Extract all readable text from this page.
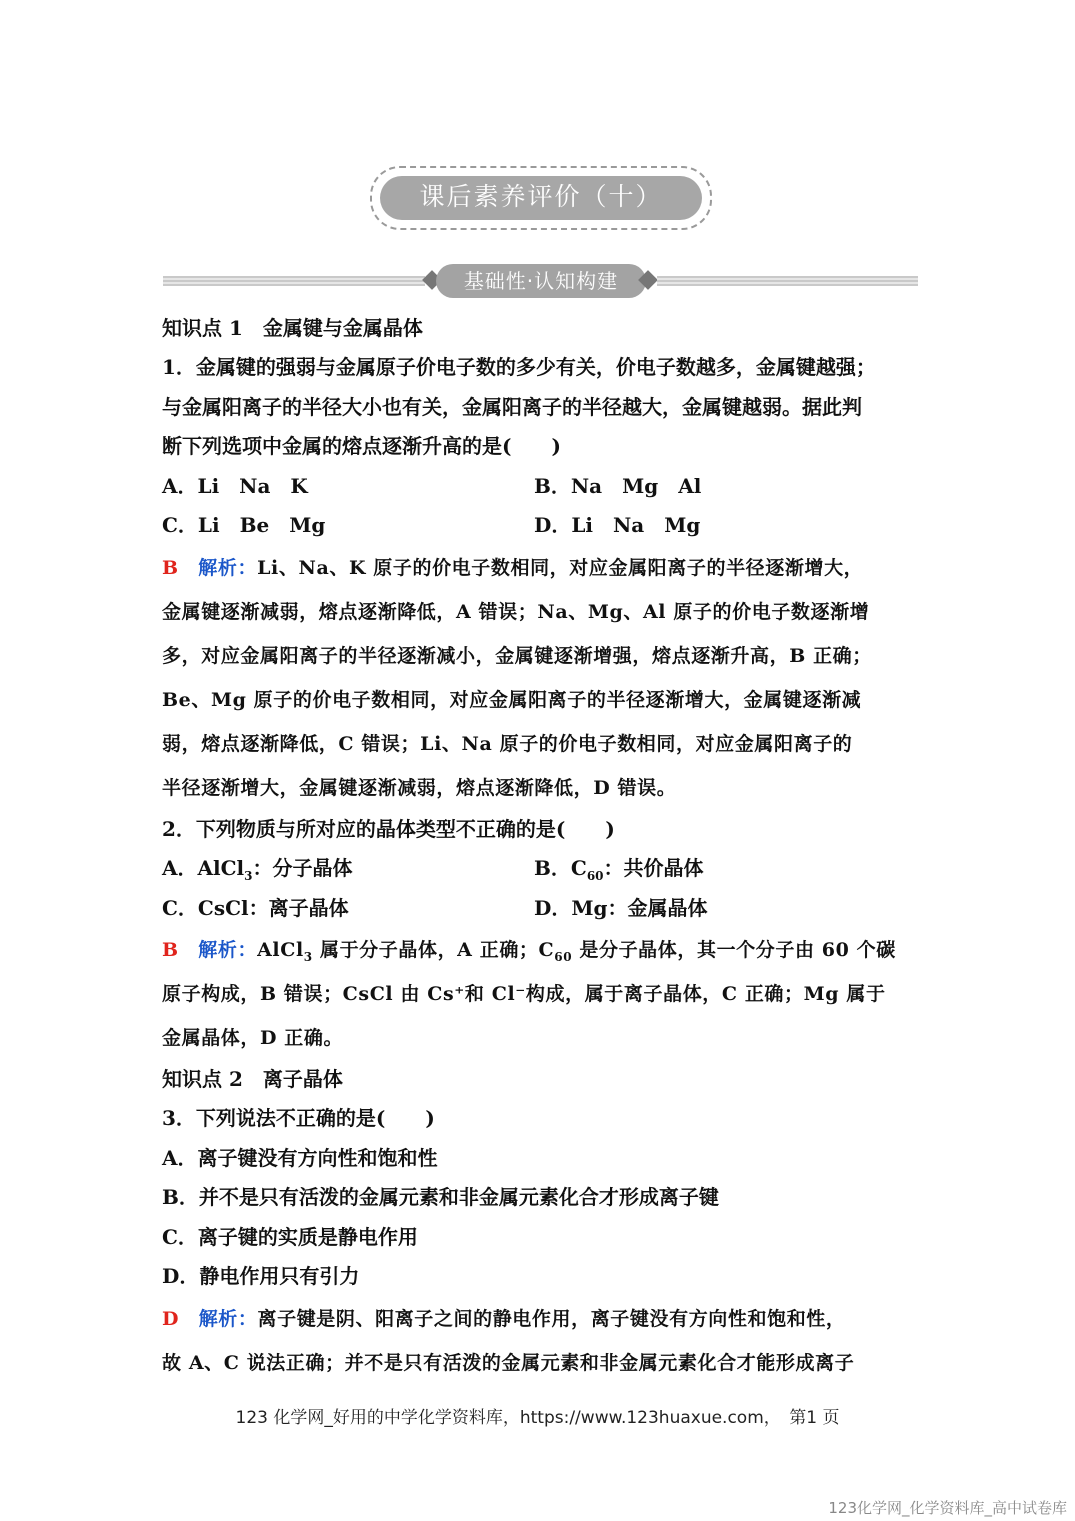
课后素养评价（十）
基础性·认知构建
知识点 1　金属键与金属晶体
1．金属键的强弱与金属原子价电子数的多少有关，价电子数越多，金属键越强；
与金属阳离子的半径大小也有关，金属阳离子的半径越大，金属键越弱。据此判
断下列选项中金属的熔点逐渐升高的是(　　)
A．Li　Na　K	B．Na　Mg　Al
C．Li　Be　Mg	D．Li　Na　Mg
B　 解析：Li、Na、K 原子的价电子数相同，对应金属阳离子的半径逐渐增大，
金属键逐渐减弱，熔点逐渐降低，A 错误；Na、Mg、Al 原子的价电子数逐渐增
多，对应金属阳离子的半径逐渐减小，金属键逐渐增强，熔点逐渐升高，B 正确；
Be、Mg 原子的价电子数相同，对应金属阳离子的半径逐渐增大，金属键逐渐减
弱，熔点逐渐降低，C 错误；Li、Na 原子的价电子数相同，对应金属阳离子的
半径逐渐增大，金属键逐渐减弱，熔点逐渐降低，D 错误。
2．下列物质与所对应的晶体类型不正确的是(　　)
A．AlCl$_3$：分子晶体	B．$C_{60}$：共价晶体
C．CsCl：离子晶体	D．Mg：金属晶体
B　 解析：AlCl$_3$ 属于分子晶体，A 正确；$C_{60}$ 是分子晶体，其一个分子由 60 个碳
原子构成，B 错误；CsCl 由 Cs⁺和 Cl⁻构成，属于离子晶体，C 正确；Mg 属于
金属晶体，D 正确。
知识点 2　离子晶体
3．下列说法不正确的是(　　)
A．离子键没有方向性和饱和性
B．并不是只有活泼的金属元素和非金属元素化合才形成离子键
C．离子键的实质是静电作用
D．静电作用只有引力
D　 解析：离子键是阴、阳离子之间的静电作用，离子键没有方向性和饱和性，
故 A、C 说法正确；并不是只有活泼的金属元素和非金属元素化合才能形成离子
123 化学网_好用的中学化学资料库，https://www.123huaxue.com，　第1 页
123化学网_化学资料库_高中试卷库
